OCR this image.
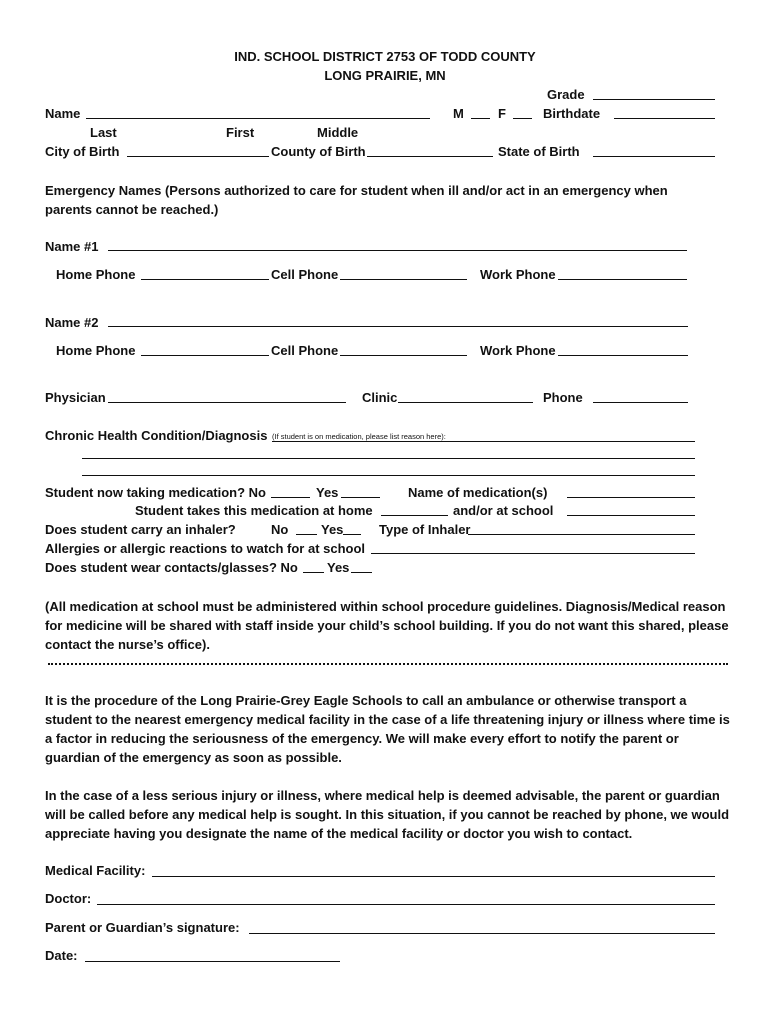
IND. SCHOOL DISTRICT 2753 OF TODD COUNTY
LONG PRAIRIE, MN
Grade
Name	M	F	Birthdate
Last	First	Middle
City of Birth	County of Birth	State of Birth
Emergency Names (Persons authorized to care for student when ill and/or act in an emergency when parents cannot be reached.)
Name #1
Home Phone	Cell Phone	Work Phone
Name #2
Home Phone	Cell Phone	Work Phone
Physician	Clinic	Phone
Chronic Health Condition/Diagnosis (If student is on medication, please list reason here):
Student now taking medication? No	Yes	Name of medication(s)
Student takes this medication at home	and/or at school
Does student carry an inhaler?	No	Yes	Type of Inhaler
Allergies or allergic reactions to watch for at school
Does student wear contacts/glasses? No Yes
(All medication at school must be administered within school procedure guidelines. Diagnosis/Medical reason for medicine will be shared with staff inside your child’s school building. If you do not want this shared, please contact the nurse’s office).
It is the procedure of the Long Prairie-Grey Eagle Schools to call an ambulance or otherwise transport a student to the nearest emergency medical facility in the case of a life threatening injury or illness where time is a factor in reducing the seriousness of the emergency. We will make every effort to notify the parent or guardian of the emergency as soon as possible.
In the case of a less serious injury or illness, where medical help is deemed advisable, the parent or guardian will be called before any medical help is sought. In this situation, if you cannot be reached by phone, we would appreciate having you designate the name of the medical facility or doctor you wish to contact.
Medical Facility:
Doctor:
Parent or Guardian’s signature:
Date:
